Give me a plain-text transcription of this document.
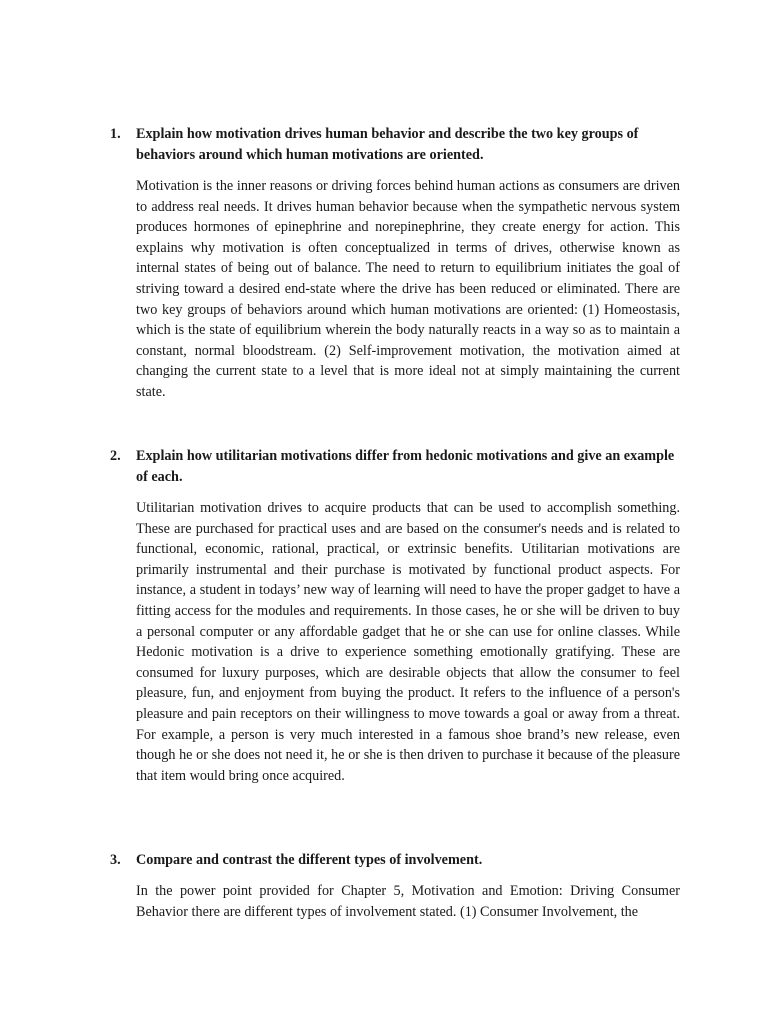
1. Explain how motivation drives human behavior and describe the two key groups of behaviors around which human motivations are oriented.
Motivation is the inner reasons or driving forces behind human actions as consumers are driven to address real needs. It drives human behavior because when the sympathetic nervous system produces hormones of epinephrine and norepinephrine, they create energy for action. This explains why motivation is often conceptualized in terms of drives, otherwise known as internal states of being out of balance. The need to return to equilibrium initiates the goal of striving toward a desired end-state where the drive has been reduced or eliminated. There are two key groups of behaviors around which human motivations are oriented: (1) Homeostasis, which is the state of equilibrium wherein the body naturally reacts in a way so as to maintain a constant, normal bloodstream. (2) Self-improvement motivation, the motivation aimed at changing the current state to a level that is more ideal not at simply maintaining the current state.
2. Explain how utilitarian motivations differ from hedonic motivations and give an example of each.
Utilitarian motivation drives to acquire products that can be used to accomplish something. These are purchased for practical uses and are based on the consumer's needs and is related to functional, economic, rational, practical, or extrinsic benefits. Utilitarian motivations are primarily instrumental and their purchase is motivated by functional product aspects. For instance, a student in todays’ new way of learning will need to have the proper gadget to have a fitting access for the modules and requirements. In those cases, he or she will be driven to buy a personal computer or any affordable gadget that he or she can use for online classes. While Hedonic motivation is a drive to experience something emotionally gratifying. These are consumed for luxury purposes, which are desirable objects that allow the consumer to feel pleasure, fun, and enjoyment from buying the product. It refers to the influence of a person's pleasure and pain receptors on their willingness to move towards a goal or away from a threat. For example, a person is very much interested in a famous shoe brand’s new release, even though he or she does not need it, he or she is then driven to purchase it because of the pleasure that item would bring once acquired.
3. Compare and contrast the different types of involvement.
In the power point provided for Chapter 5, Motivation and Emotion: Driving Consumer Behavior there are different types of involvement stated. (1) Consumer Involvement, the
